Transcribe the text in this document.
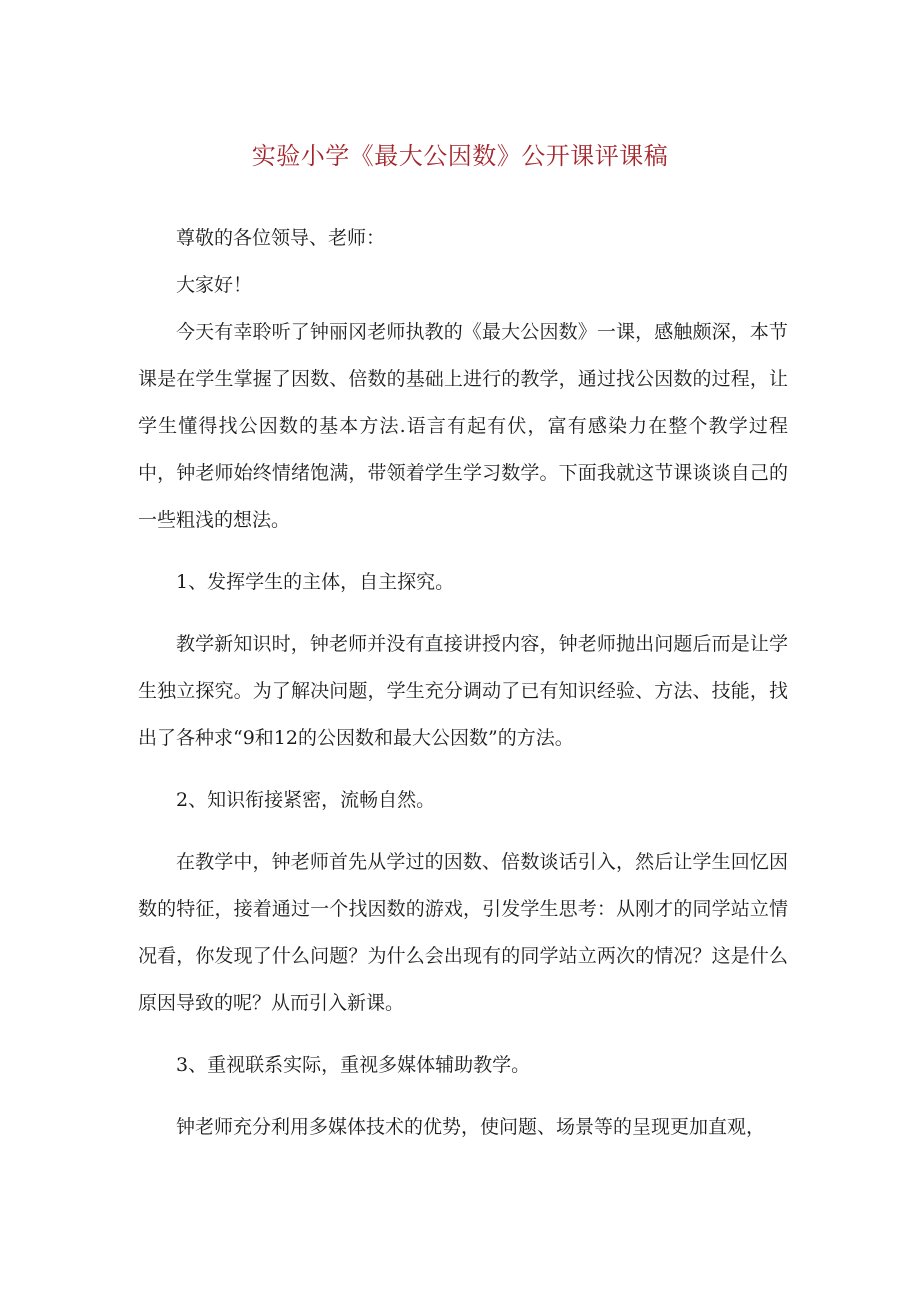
实验小学《最大公因数》公开课评课稿

尊敬的各位领导、老师：

大家好！

今天有幸聆听了钟丽冈老师执教的《最大公因数》一课，感触颇深，本节课是在学生掌握了因数、倍数的基础上进行的教学，通过找公因数的过程，让学生懂得找公因数的基本方法.语言有起有伏，富有感染力在整个教学过程中，钟老师始终情绪饱满，带领着学生学习数学。下面我就这节课谈谈自己的一些粗浅的想法。

1、发挥学生的主体，自主探究。

教学新知识时，钟老师并没有直接讲授内容，钟老师抛出问题后而是让学生独立探究。为了解决问题，学生充分调动了已有知识经验、方法、技能，找出了各种求“9和12的公因数和最大公因数”的方法。

2、知识衔接紧密，流畅自然。

在教学中，钟老师首先从学过的因数、倍数谈话引入，然后让学生回忆因数的特征，接着通过一个找因数的游戏，引发学生思考：从刚才的同学站立情况看，你发现了什么问题？为什么会出现有的同学站立两次的情况？这是什么原因导致的呢？从而引入新课。

3、重视联系实际，重视多媒体辅助教学。

钟老师充分利用多媒体技术的优势，使问题、场景等的呈现更加直观，
